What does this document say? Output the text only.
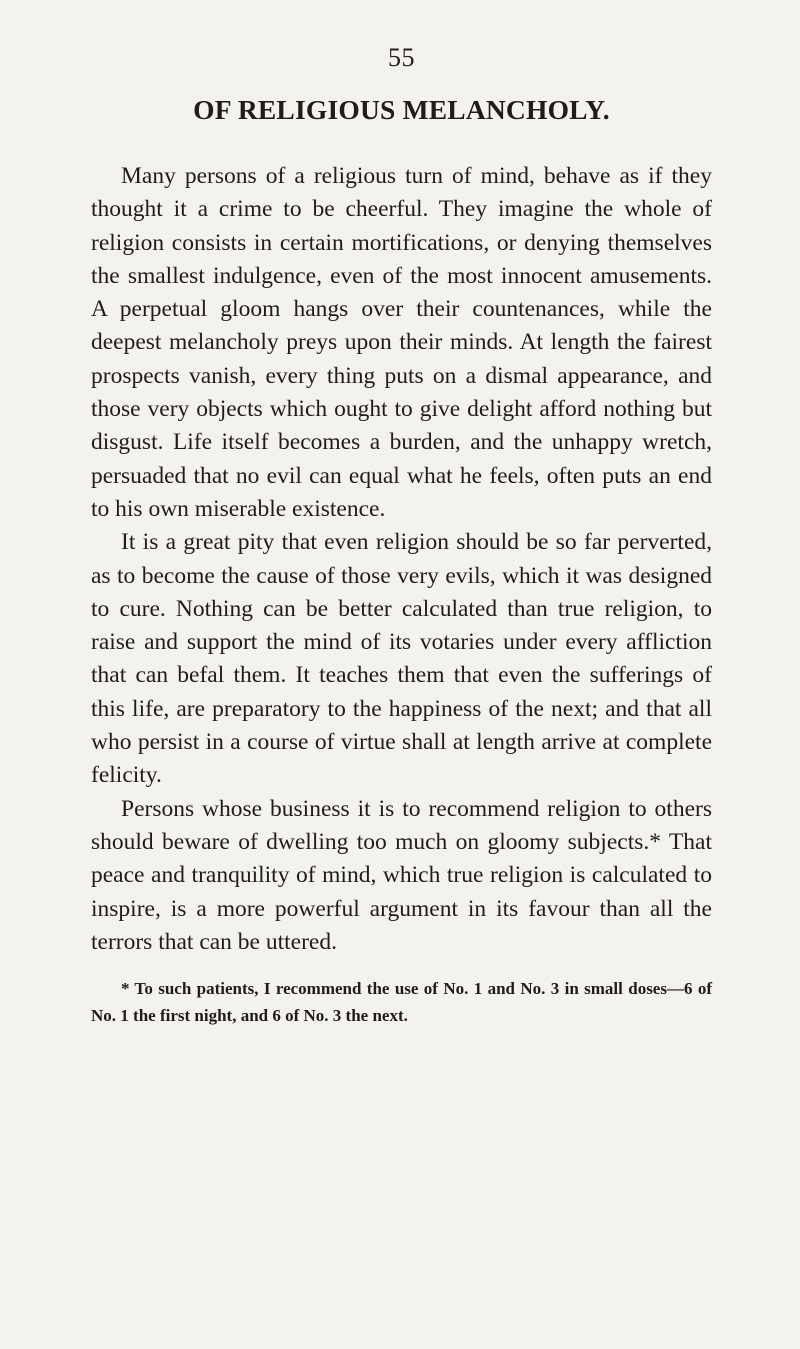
55
OF RELIGIOUS MELANCHOLY.

Many persons of a religious turn of mind, behave as if they thought it a crime to be cheerful. They imagine the whole of religion consists in certain mortifications, or denying themselves the smallest indulgence, even of the most innocent amusements. A perpetual gloom hangs over their countenances, while the deepest melancholy preys upon their minds. At length the fairest prospects vanish, every thing puts on a dismal appearance, and those very objects which ought to give delight afford nothing but disgust. Life itself becomes a burden, and the unhappy wretch, persuaded that no evil can equal what he feels, often puts an end to his own miserable existence.

It is a great pity that even religion should be so far perverted, as to become the cause of those very evils, which it was designed to cure. Nothing can be better calculated than true religion, to raise and support the mind of its votaries under every affliction that can befal them. It teaches them that even the sufferings of this life, are preparatory to the happiness of the next; and that all who persist in a course of virtue shall at length arrive at complete felicity.

Persons whose business it is to recommend religion to others should beware of dwelling too much on gloomy subjects.* That peace and tranquility of mind, which true religion is calculated to inspire, is a more powerful argument in its favour than all the terrors that can be uttered.

* To such patients, I recommend the use of No. 1 and No. 3 in small doses—6 of No. 1 the first night, and 6 of No. 3 the next.
